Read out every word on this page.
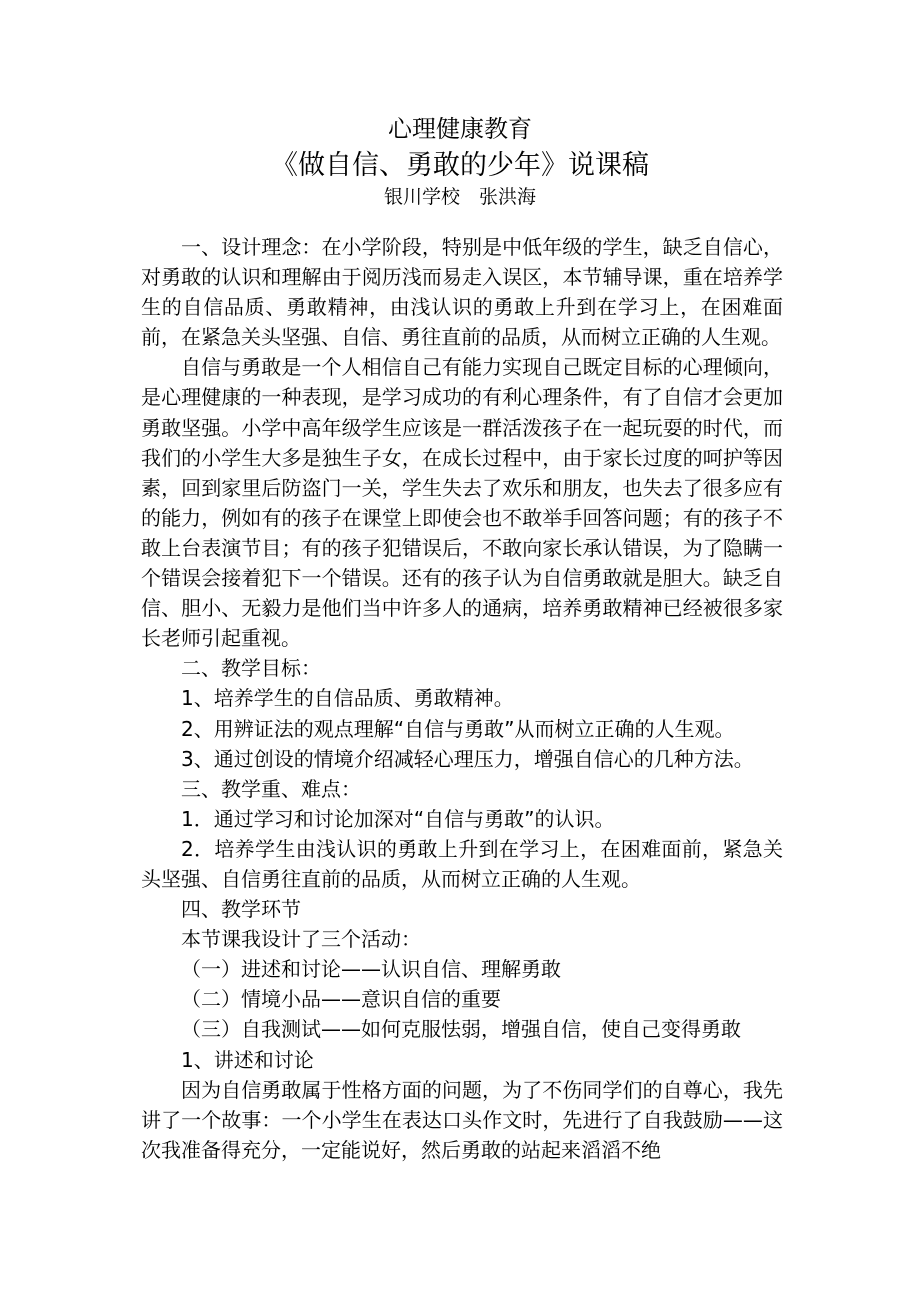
心理健康教育
《做自信、勇敢的少年》说课稿
银川学校　张洪海

一、设计理念：在小学阶段，特别是中低年级的学生，缺乏自信心，对勇敢的认识和理解由于阅历浅而易走入误区，本节辅导课，重在培养学生的自信品质、勇敢精神，由浅认识的勇敢上升到在学习上，在困难面前，在紧急关头坚强、自信、勇往直前的品质，从而树立正确的人生观。

自信与勇敢是一个人相信自己有能力实现自己既定目标的心理倾向，是心理健康的一种表现，是学习成功的有利心理条件，有了自信才会更加勇敢坚强。小学中高年级学生应该是一群活泼孩子在一起玩耍的时代，而我们的小学生大多是独生子女，在成长过程中，由于家长过度的呵护等因素，回到家里后防盗门一关，学生失去了欢乐和朋友，也失去了很多应有的能力，例如有的孩子在课堂上即使会也不敢举手回答问题；有的孩子不敢上台表演节目；有的孩子犯错误后，不敢向家长承认错误，为了隐瞒一个错误会接着犯下一个错误。还有的孩子认为自信勇敢就是胆大。缺乏自信、胆小、无毅力是他们当中许多人的通病，培养勇敢精神已经被很多家长老师引起重视。

二、教学目标：

1、培养学生的自信品质、勇敢精神。

2、用辨证法的观点理解“自信与勇敢”从而树立正确的人生观。

3、通过创设的情境介绍减轻心理压力，增强自信心的几种方法。

三、教学重、难点：

1．通过学习和讨论加深对“自信与勇敢”的认识。

2．培养学生由浅认识的勇敢上升到在学习上，在困难面前，紧急关头坚强、自信勇往直前的品质，从而树立正确的人生观。

四、教学环节

本节课我设计了三个活动：

（一）进述和讨论——认识自信、理解勇敢

（二）情境小品——意识自信的重要

（三）自我测试——如何克服怯弱，增强自信，使自己变得勇敢

1、讲述和讨论

因为自信勇敢属于性格方面的问题，为了不伤同学们的自尊心，我先讲了一个故事：一个小学生在表达口头作文时，先进行了自我鼓励——这次我准备得充分，一定能说好，然后勇敢的站起来滔滔不绝
